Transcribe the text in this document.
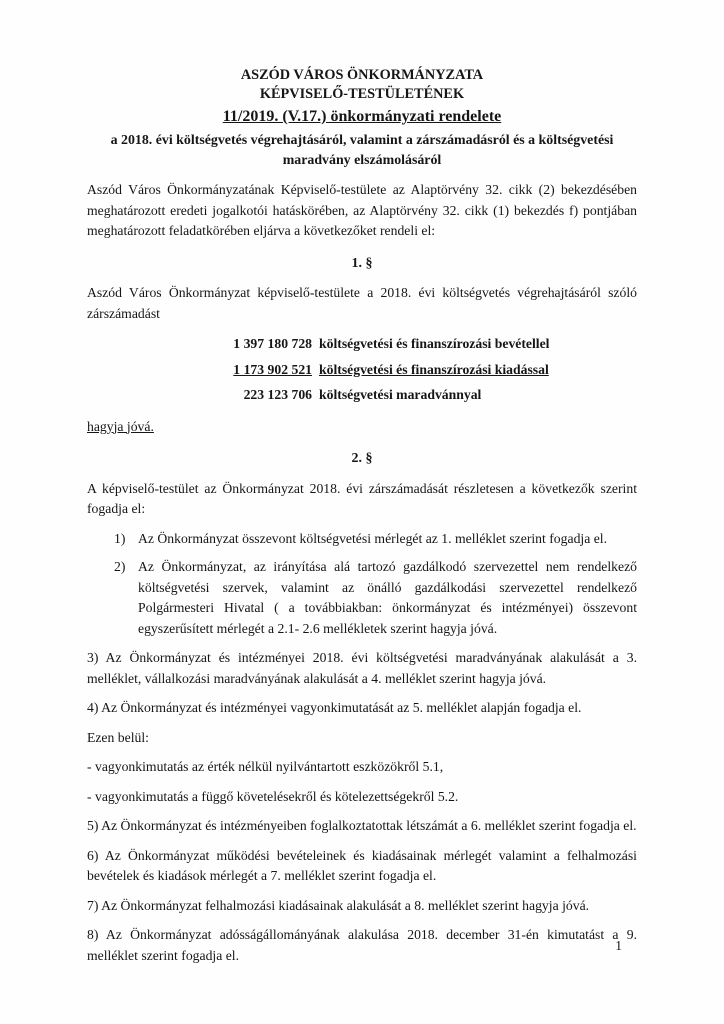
ASZÓD VÁROS ÖNKORMÁNYZATA
KÉPVISELŐ-TESTÜLETÉNEK
11/2019. (V.17.) önkormányzati rendelete
a 2018. évi költségvetés végrehajtásáról, valamint a zárszámadásról és a költségvetési maradvány elszámolásáról

Aszód Város Önkormányzatának Képviselő-testülete az Alaptörvény 32. cikk (2) bekezdésében meghatározott eredeti jogalkotói hatáskörében, az Alaptörvény 32. cikk (1) bekezdés f) pontjában meghatározott feladatkörében eljárva a következőket rendeli el:

1. §

Aszód Város Önkormányzat képviselő-testülete a 2018. évi költségvetés végrehajtásáról szóló zárszámadást

1 397 180 728 költségvetési és finanszírozási bevétellel
1 173 902 521 költségvetési és finanszírozási kiadással
223 123 706 költségvetési maradvánnyal

hagyja jóvá.

2. §

A képviselő-testület az Önkormányzat 2018. évi zárszámadását részletesen a következők szerint fogadja el:

1) Az Önkormányzat összevont költségvetési mérlegét az 1. melléklet szerint fogadja el.
2) Az Önkormányzat, az irányítása alá tartozó gazdálkodó szervezettel nem rendelkező költségvetési szervek, valamint az önálló gazdálkodási szervezettel rendelkező Polgármesteri Hivatal ( a továbbiakban: önkormányzat és intézményei) összevont egyszerűsített mérlegét a 2.1- 2.6 mellékletek szerint hagyja jóvá.

3) Az Önkormányzat és intézményei 2018. évi költségvetési maradványának alakulását a 3. melléklet, vállalkozási maradványának alakulását a 4. melléklet szerint hagyja jóvá.

4) Az Önkormányzat és intézményei vagyonkimutatását az 5. melléklet alapján fogadja el.

Ezen belül:

- vagyonkimutatás az érték nélkül nyilvántartott eszközökről 5.1,

- vagyonkimutatás a függő követelésekről és kötelezettségekről 5.2.

5) Az Önkormányzat és intézményeiben foglalkoztatottak létszámát a 6. melléklet szerint fogadja el.

6) Az Önkormányzat működési bevételeinek és kiadásainak mérlegét valamint a felhalmozási bevételek és kiadások mérlegét a 7. melléklet szerint fogadja el.

7) Az Önkormányzat felhalmozási kiadásainak alakulását a 8. melléklet szerint hagyja jóvá.

8) Az Önkormányzat adósságállományának alakulása 2018. december 31-én kimutatást a 9. melléklet szerint fogadja el.

1
